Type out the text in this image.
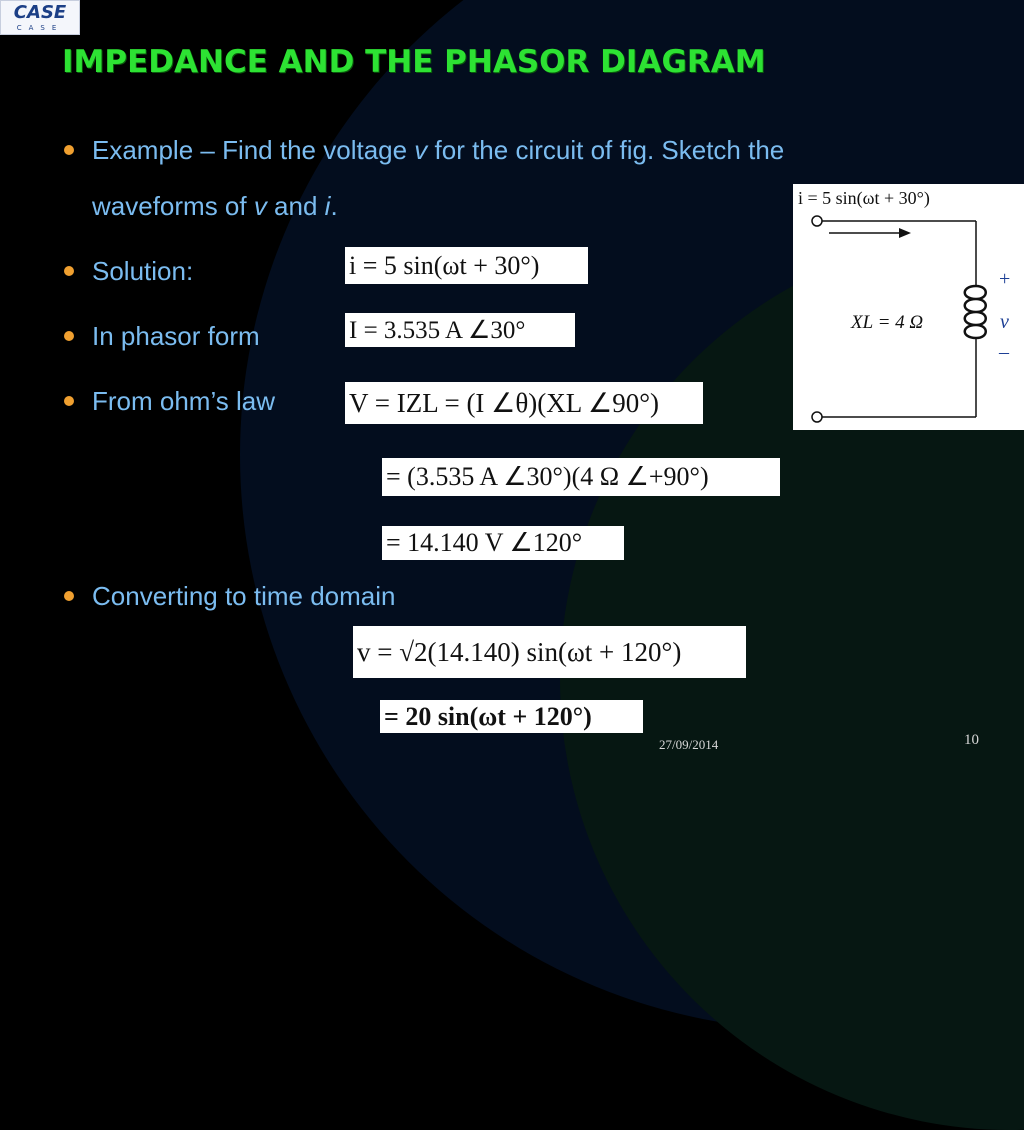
CASE
CASE
IMPEDANCE AND THE PHASOR DIAGRAM
Example – Find the voltage v for the circuit of fig. Sketch the
waveforms of v and i.
Solution:
In phasor form
From ohm’s law
Converting to time domain
i = 5 sin(ωt + 30°)
I = 3.535 A ∠30°
V = IZL = (I ∠θ)(XL ∠90°)
= (3.535 A ∠30°)(4 Ω ∠+90°)
= 14.140 V ∠120°
v = √2(14.140) sin(ωt + 120°)
= 20 sin(ωt + 120°)
i = 5 sin(ωt + 30°)
XL = 4 Ω
+
v
–
27/09/2014	10
